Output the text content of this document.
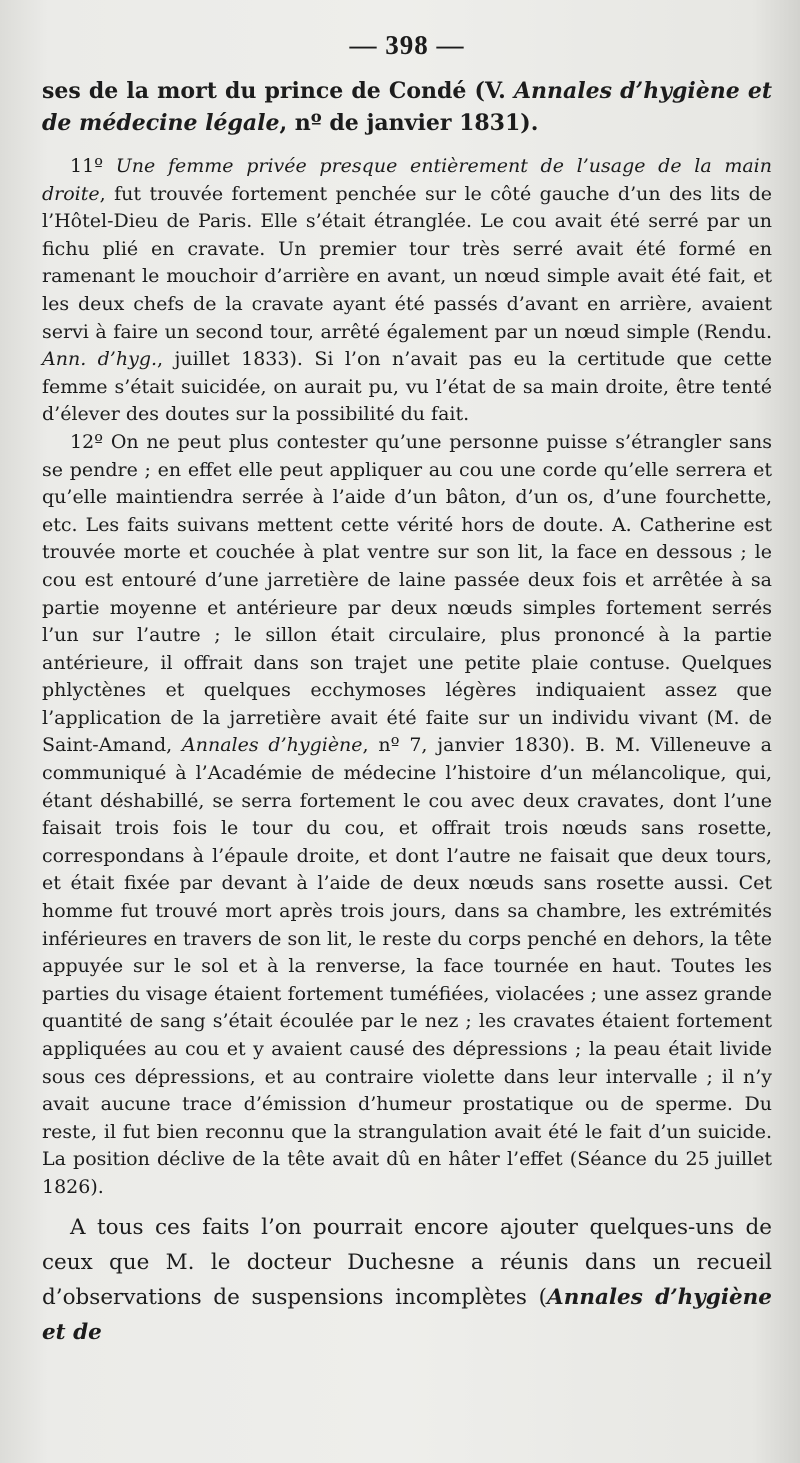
— 398 —

ses de la mort du prince de Condé (V. Annales d’hygiène et de médecine légale, nº de janvier 1831).

11º Une femme privée presque entièrement de l’usage de la main droite, fut trouvée fortement penchée sur le côté gauche d’un des lits de l’Hôtel-Dieu de Paris. Elle s’était étranglée. Le cou avait été serré par un fichu plié en cravate. Un premier tour très serré avait été formé en ramenant le mouchoir d’arrière en avant, un nœud simple avait été fait, et les deux chefs de la cravate ayant été passés d’avant en arrière, avaient servi à faire un second tour, arrêté également par un nœud simple (Rendu. Ann. d’hyg., juillet 1833). Si l’on n’avait pas eu la certitude que cette femme s’était suicidée, on aurait pu, vu l’état de sa main droite, être tenté d’élever des doutes sur la possibilité du fait.

12º On ne peut plus contester qu’une personne puisse s’étrangler sans se pendre ; en effet elle peut appliquer au cou une corde qu’elle serrera et qu’elle maintiendra serrée à l’aide d’un bâton, d’un os, d’une fourchette, etc. Les faits suivans mettent cette vérité hors de doute. A. Catherine est trouvée morte et couchée à plat ventre sur son lit, la face en dessous ; le cou est entouré d’une jarretière de laine passée deux fois et arrêtée à sa partie moyenne et antérieure par deux nœuds simples fortement serrés l’un sur l’autre ; le sillon était circulaire, plus prononcé à la partie antérieure, il offrait dans son trajet une petite plaie contuse. Quelques phlyctènes et quelques ecchymoses légères indiquaient assez que l’application de la jarretière avait été faite sur un individu vivant (M. de Saint-Amand, Annales d’hygiène, nº 7, janvier 1830). B. M. Villeneuve a communiqué à l’Académie de médecine l’histoire d’un mélancolique, qui, étant déshabillé, se serra fortement le cou avec deux cravates, dont l’une faisait trois fois le tour du cou, et offrait trois nœuds sans rosette, correspondans à l’épaule droite, et dont l’autre ne faisait que deux tours, et était fixée par devant à l’aide de deux nœuds sans rosette aussi. Cet homme fut trouvé mort après trois jours, dans sa chambre, les extrémités inférieures en travers de son lit, le reste du corps penché en dehors, la tête appuyée sur le sol et à la renverse, la face tournée en haut. Toutes les parties du visage étaient fortement tuméfiées, violacées ; une assez grande quantité de sang s’était écoulée par le nez ; les cravates étaient fortement appliquées au cou et y avaient causé des dépressions ; la peau était livide sous ces dépressions, et au contraire violette dans leur intervalle ; il n’y avait aucune trace d’émission d’humeur prostatique ou de sperme. Du reste, il fut bien reconnu que la strangulation avait été le fait d’un suicide. La position déclive de la tête avait dû en hâter l’effet (Séance du 25 juillet 1826).

A tous ces faits l’on pourrait encore ajouter quelques-uns de ceux que M. le docteur Duchesne a réunis dans un recueil d’observations de suspensions incomplètes (Annales d’hygiène et de
